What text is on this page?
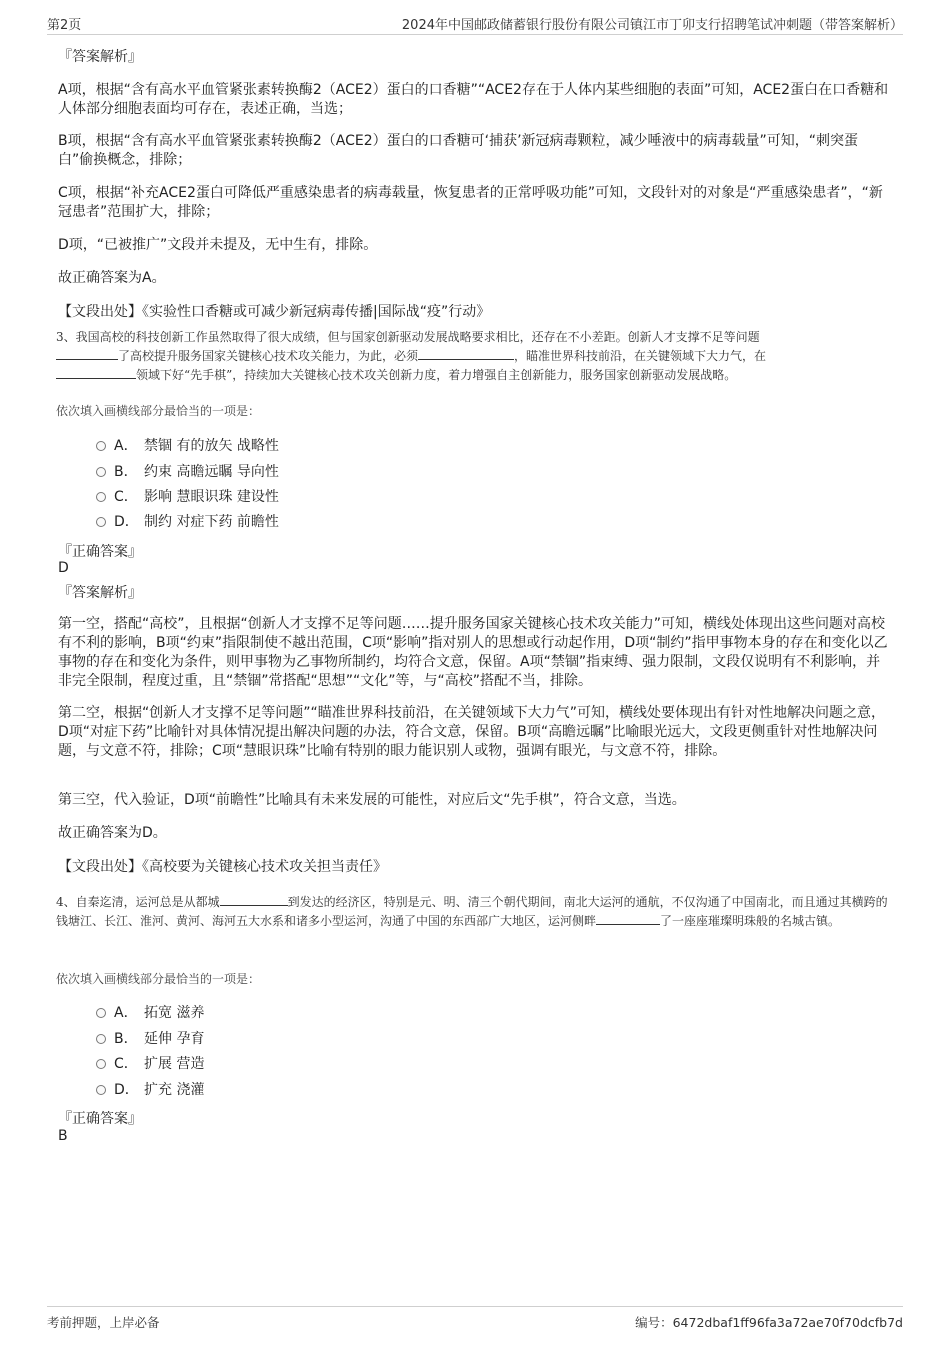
第2页	2024年中国邮政储蓄银行股份有限公司镇江市丁卯支行招聘笔试冲刺题（带答案解析）
『答案解析』

A项，根据“含有高水平血管紧张素转换酶2（ACE2）蛋白的口香糖”“ACE2存在于人体内某些细胞的表面”可知，ACE2蛋白在口香糖和人体部分细胞表面均可存在，表述正确，当选；

B项，根据“含有高水平血管紧张素转换酶2（ACE2）蛋白的口香糖可‘捕获’新冠病毒颗粒，减少唾液中的病毒载量”可知，“刺突蛋白”偷换概念，排除；

C项，根据“补充ACE2蛋白可降低严重感染患者的病毒载量，恢复患者的正常呼吸功能”可知，文段针对的对象是“严重感染患者”，“新冠患者”范围扩大，排除；

D项，“已被推广”文段并未提及，无中生有，排除。

故正确答案为A。

【文段出处】《实验性口香糖或可减少新冠病毒传播|国际战“疫”行动》

3、我国高校的科技创新工作虽然取得了很大成绩，但与国家创新驱动发展战略要求相比，还存在不小差距。创新人才支撑不足等问题
了高校提升服务国家关键核心技术攻关能力，为此，必须	，瞄准世界科技前沿，在关键领域下大力气，在
领域下好“先手棋”，持续加大关键核心技术攻关创新力度，着力增强自主创新能力，服务国家创新驱动发展战略。

依次填入画横线部分最恰当的一项是：

A． 禁锢 有的放矢 战略性
B． 约束 高瞻远瞩 导向性
C． 影响 慧眼识珠 建设性
D． 制约 对症下药 前瞻性
『正确答案』
D
『答案解析』

第一空，搭配“高校”，且根据“创新人才支撑不足等问题……提升服务国家关键核心技术攻关能力”可知，横线处体现出这些问题对高校有不利的影响，B项“约束”指限制使不越出范围，C项“影响”指对别人的思想或行动起作用，D项“制约”指甲事物本身的存在和变化以乙事物的存在和变化为条件，则甲事物为乙事物所制约，均符合文意，保留。A项“禁锢”指束缚、强力限制，文段仅说明有不利影响，并非完全限制，程度过重，且“禁锢”常搭配“思想”“文化”等，与“高校”搭配不当，排除。

第二空，根据“创新人才支撑不足等问题”“瞄准世界科技前沿，在关键领域下大力气”可知，横线处要体现出有针对性地解决问题之意，D项“对症下药”比喻针对具体情况提出解决问题的办法，符合文意，保留。B项“高瞻远瞩”比喻眼光远大，文段更侧重针对性地解决问题，与文意不符，排除；C项“慧眼识珠”比喻有特别的眼力能识别人或物，强调有眼光，与文意不符，排除。

第三空，代入验证，D项“前瞻性”比喻具有未来发展的可能性，对应后文“先手棋”，符合文意，当选。

故正确答案为D。

【文段出处】《高校要为关键核心技术攻关担当责任》

4、自秦迄清，运河总是从都城	到发达的经济区，特别是元、明、清三个朝代期间，南北大运河的通航，不仅沟通了中国南北，而且通过其横跨的钱塘江、长江、淮河、黄河、海河五大水系和诸多小型运河，沟通了中国的东西部广大地区，运河侧畔	了一座座璀璨明珠般的名城古镇。

依次填入画横线部分最恰当的一项是：

A． 拓宽 滋养
B． 延伸 孕育
C． 扩展 营造
D． 扩充 浇灌
『正确答案』
B
考前押题，上岸必备	编号：6472dbaf1ff96fa3a72ae70f70dcfb7d
